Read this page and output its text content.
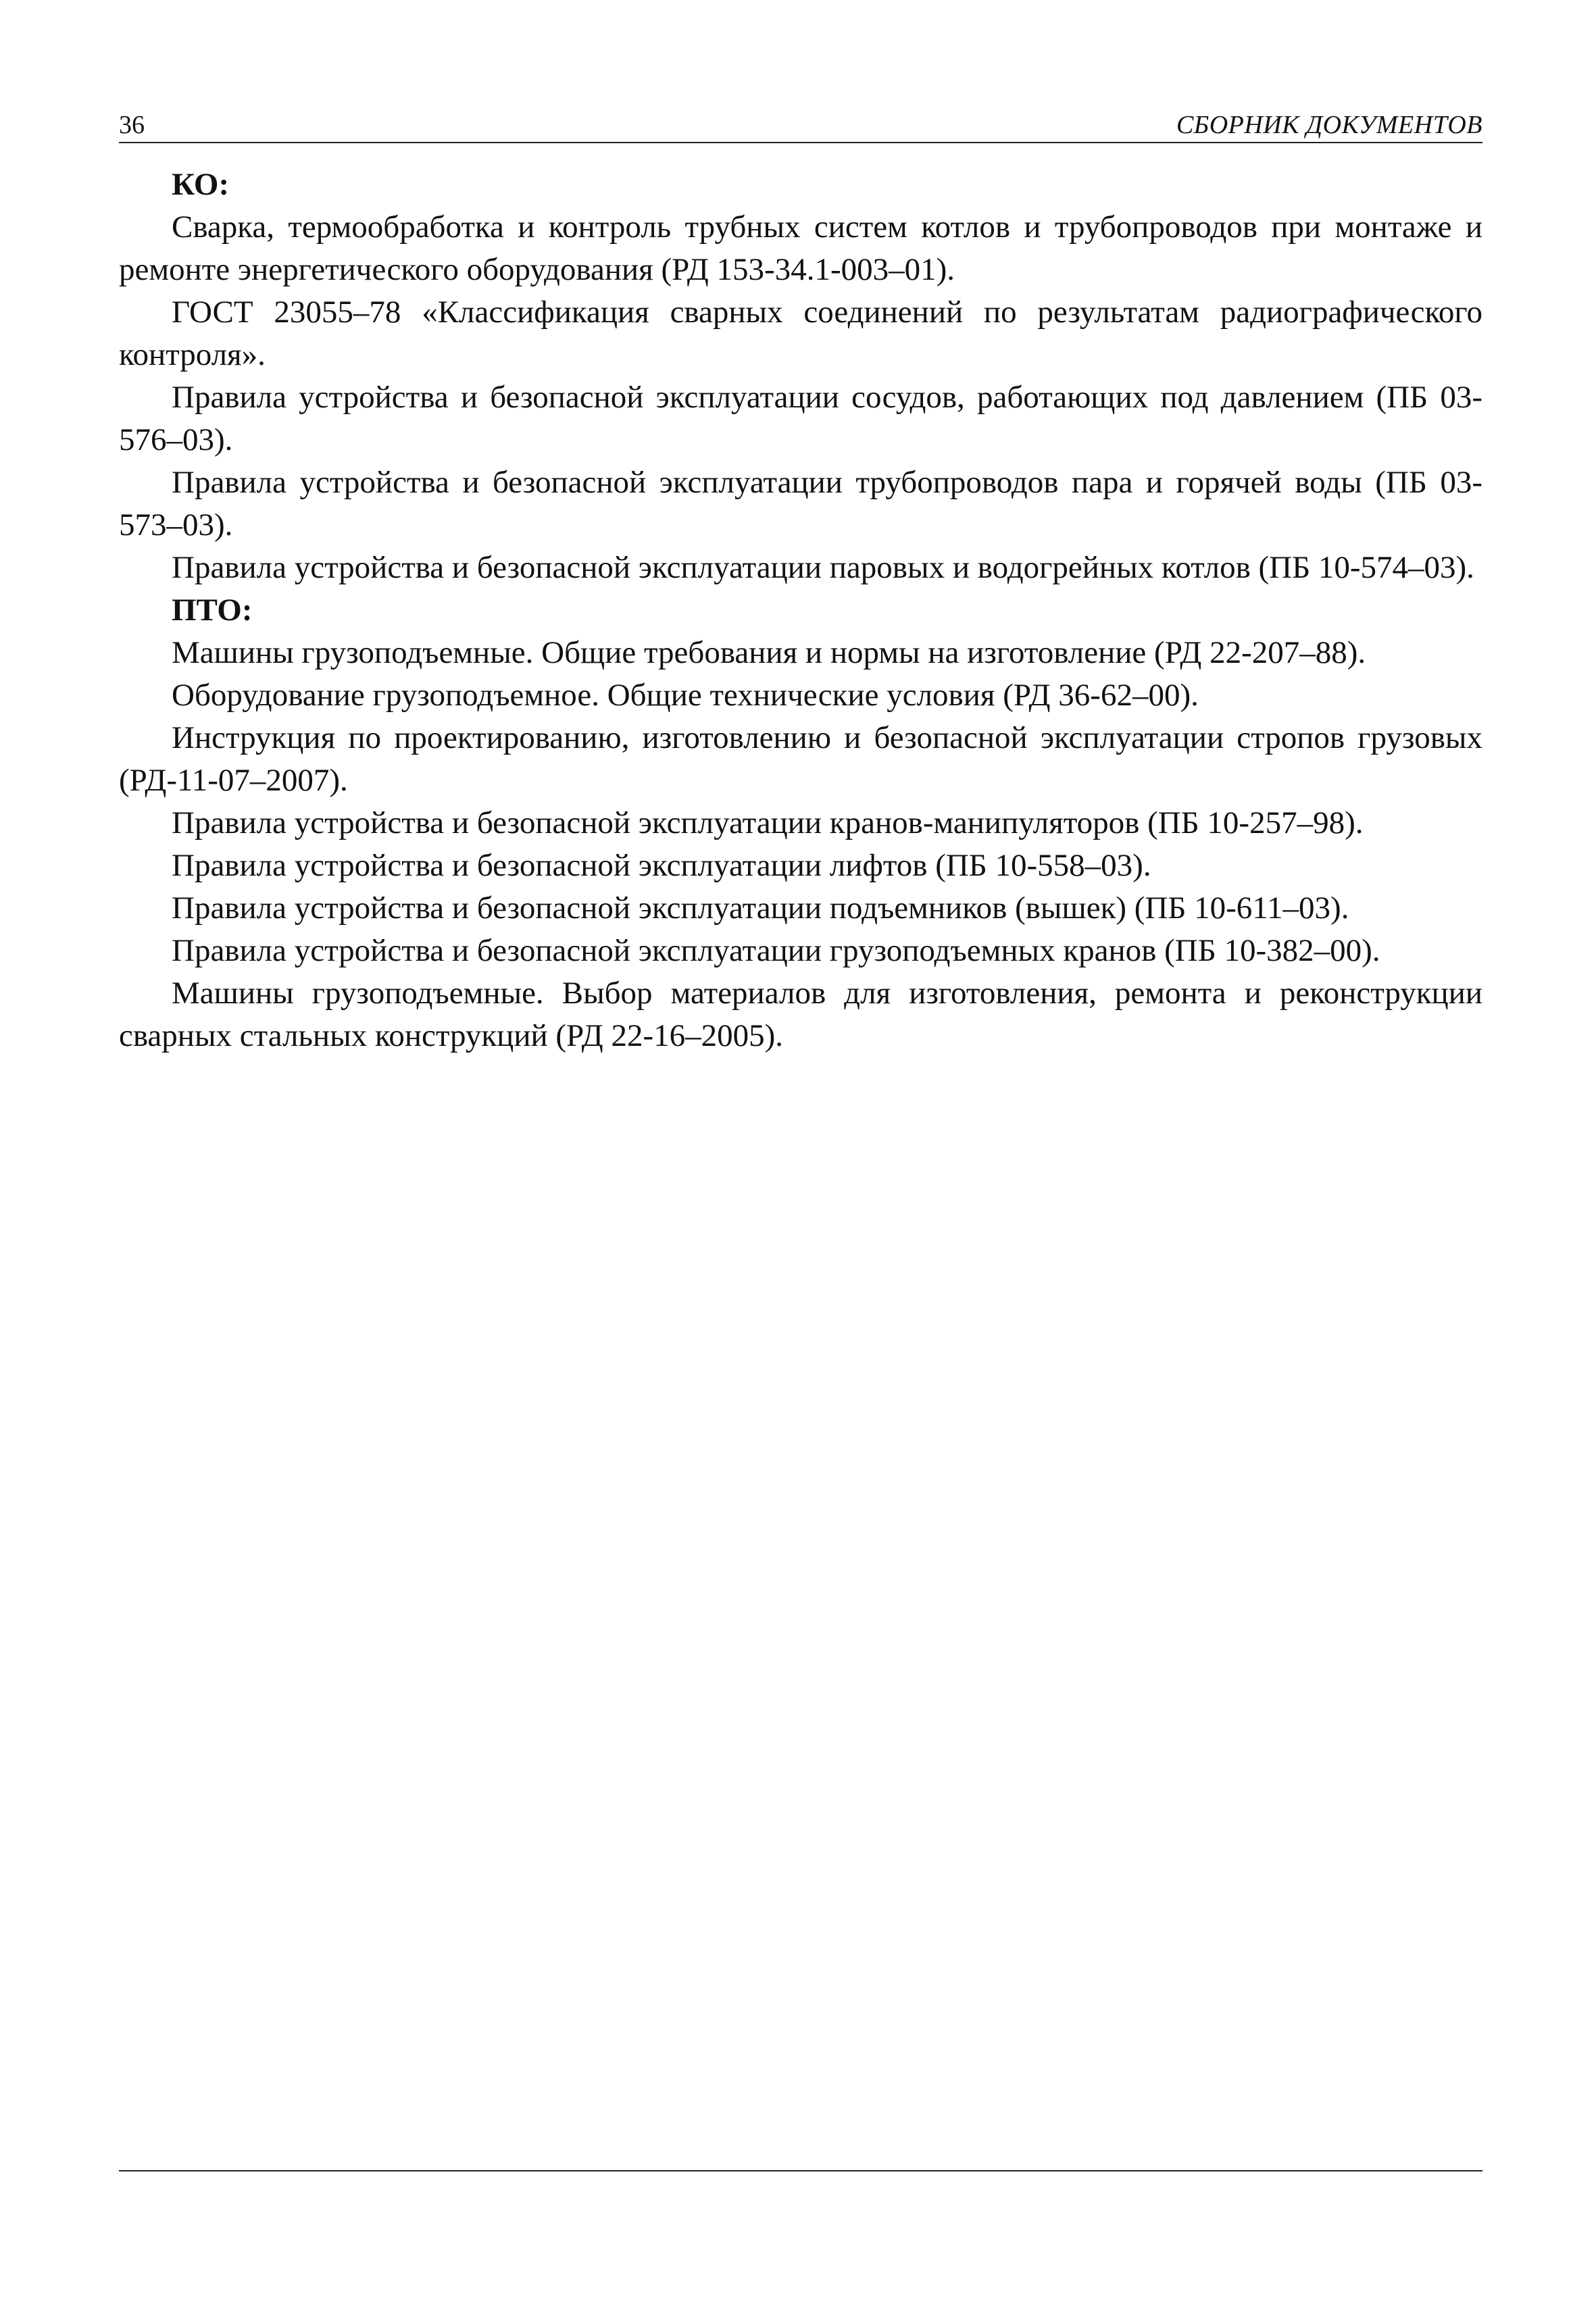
36	СБОРНИК ДОКУМЕНТОВ

КО:

Сварка, термообработка и контроль трубных систем котлов и трубопроводов при монтаже и ремонте энергетического оборудования (РД 153-34.1-003–01).

ГОСТ 23055–78 «Классификация сварных соединений по результатам радиографического контроля».

Правила устройства и безопасной эксплуатации сосудов, работающих под давлением (ПБ 03-576–03).

Правила устройства и безопасной эксплуатации трубопроводов пара и горячей воды (ПБ 03-573–03).

Правила устройства и безопасной эксплуатации паровых и водогрейных котлов (ПБ 10-574–03).

ПТО:

Машины грузоподъемные. Общие требования и нормы на изготовление (РД 22-207–88).

Оборудование грузоподъемное. Общие технические условия (РД 36-62–00).

Инструкция по проектированию, изготовлению и безопасной эксплуатации стропов грузовых (РД-11-07–2007).

Правила устройства и безопасной эксплуатации кранов-манипуляторов (ПБ 10-257–98).

Правила устройства и безопасной эксплуатации лифтов (ПБ 10-558–03).

Правила устройства и безопасной эксплуатации подъемников (вышек) (ПБ 10-611–03).

Правила устройства и безопасной эксплуатации грузоподъемных кранов (ПБ 10-382–00).

Машины грузоподъемные. Выбор материалов для изготовления, ремонта и реконструкции сварных стальных конструкций (РД 22-16–2005).
